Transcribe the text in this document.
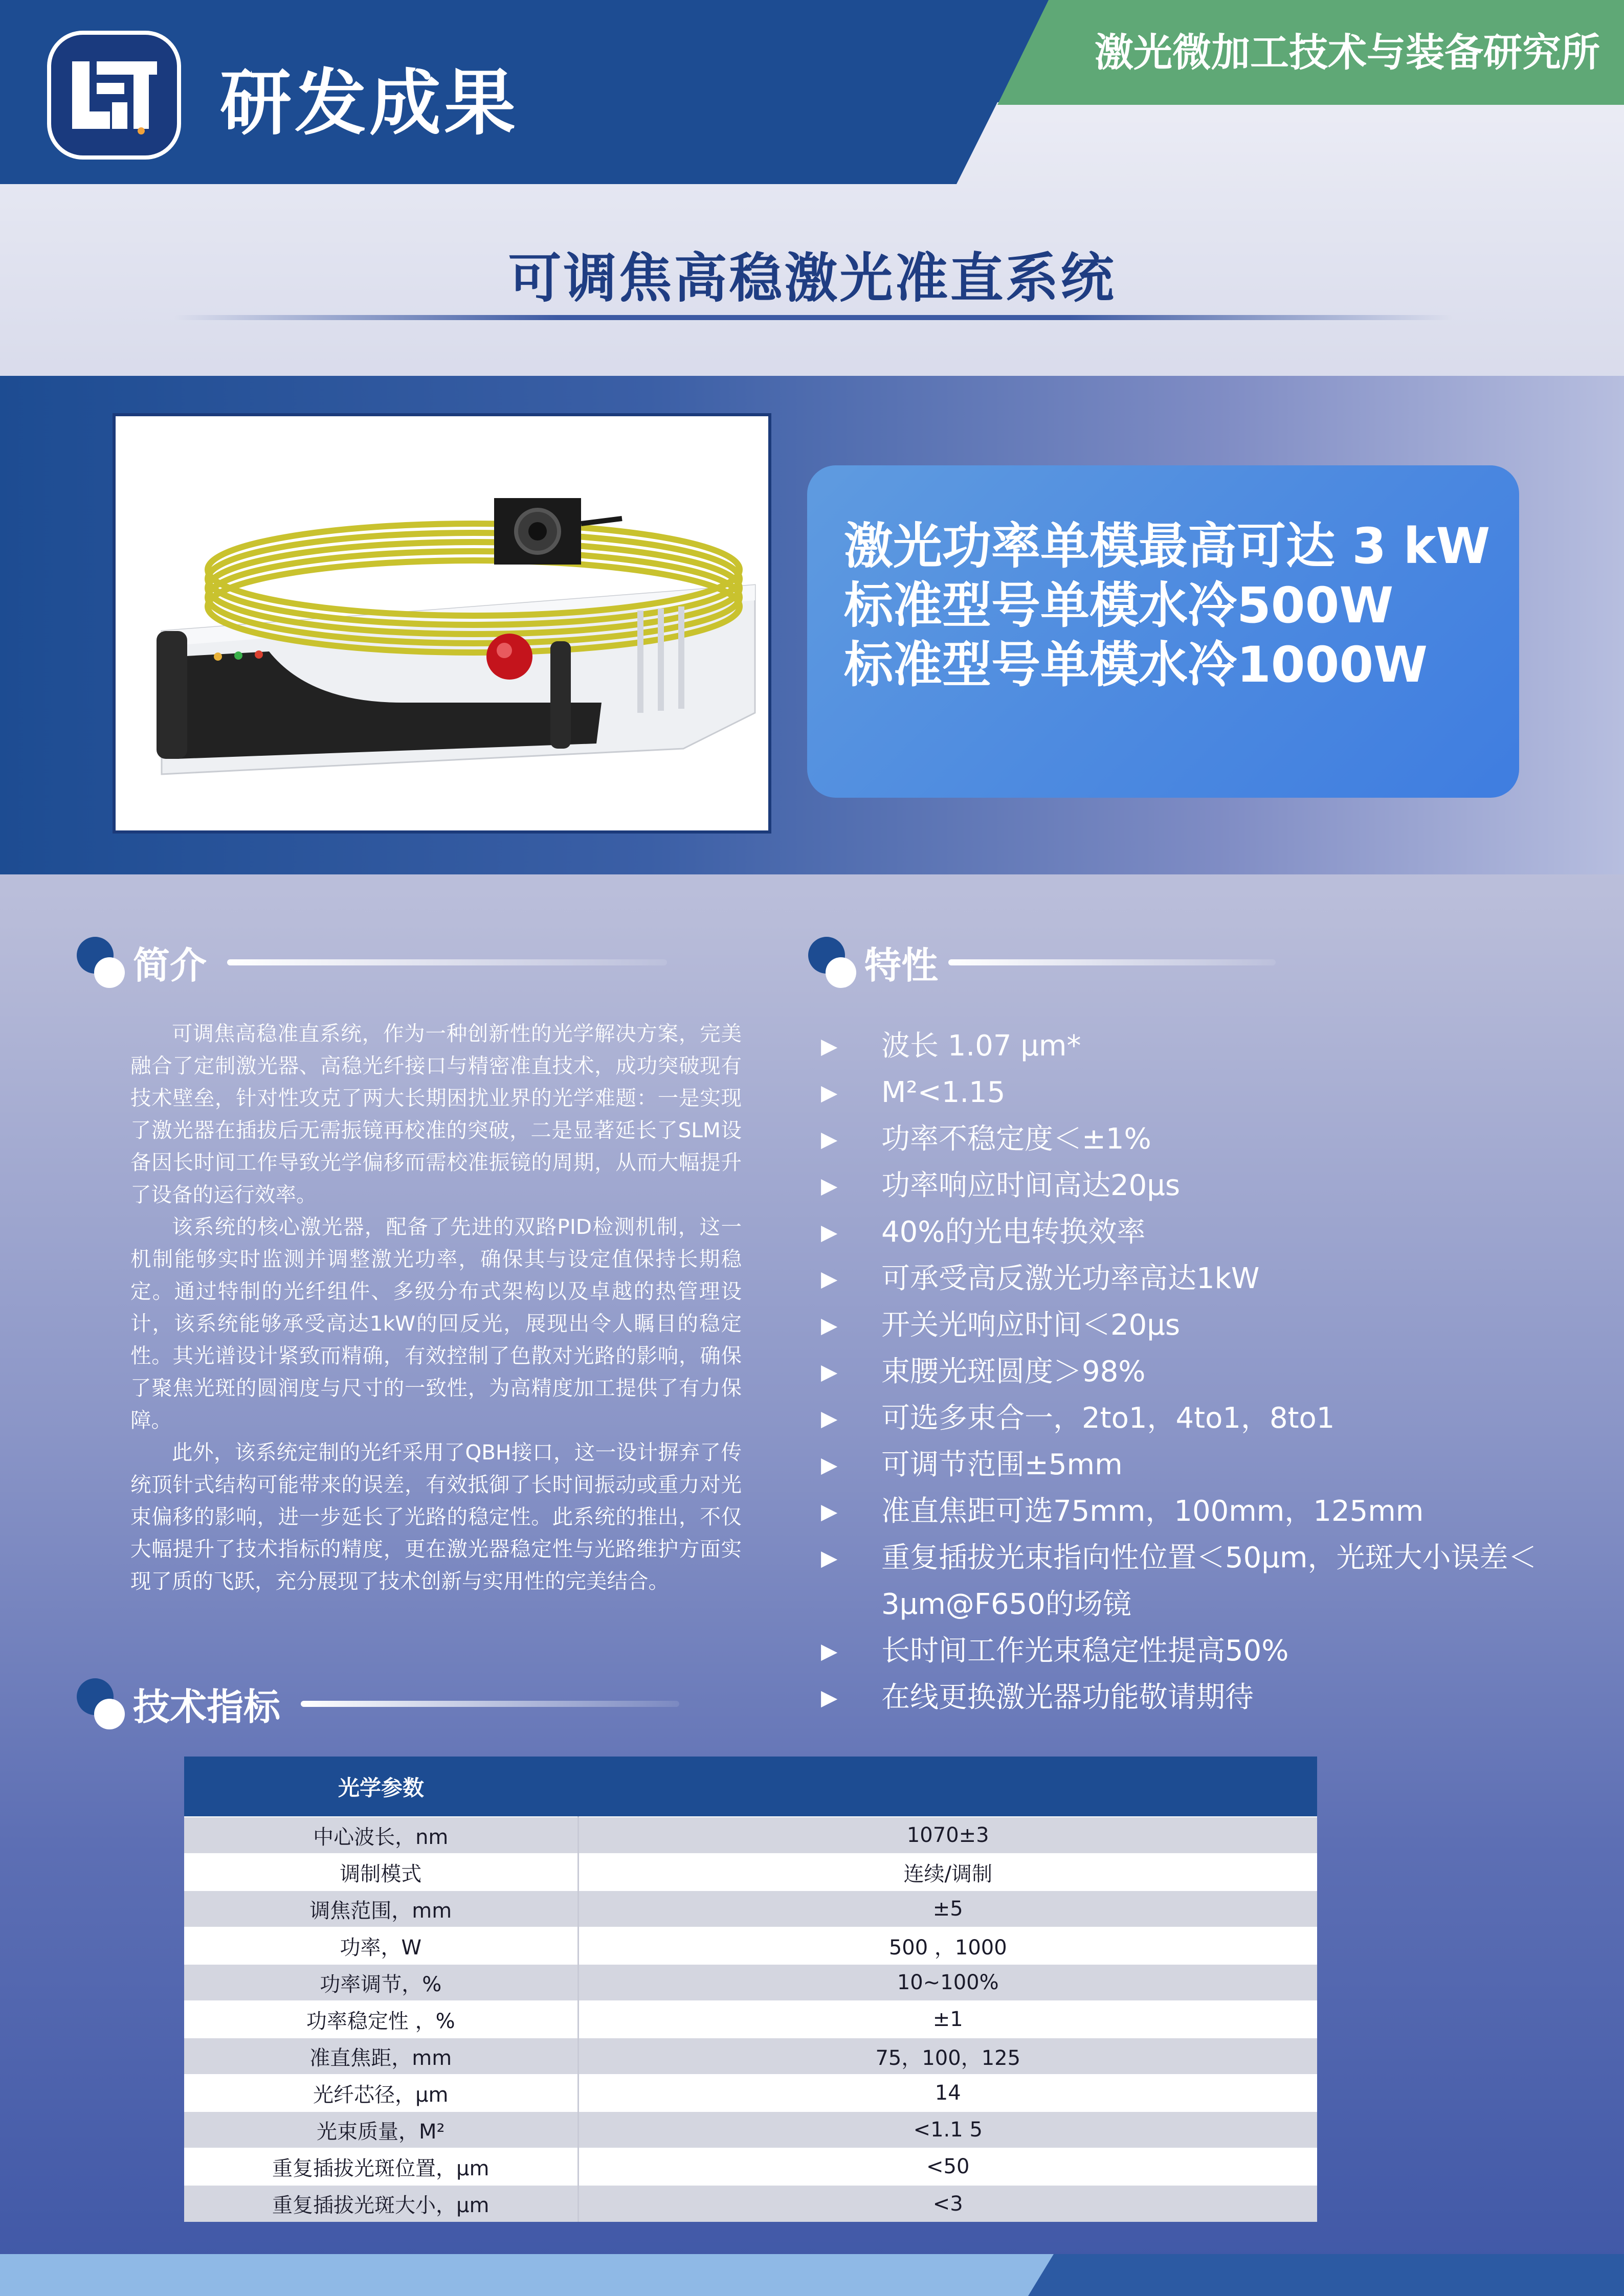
研发成果
激光微加工技术与装备研究所
可调焦高稳激光准直系统
激光功率单模最高可达 3 kW
标准型号单模水冷500W
标准型号单模水冷1000W
简介

可调焦高稳准直系统，作为一种创新性的光学解决方案，完美融合了定制激光器、高稳光纤接口与精密准直技术，成功突破现有技术壁垒，针对性攻克了两大长期困扰业界的光学难题：一是实现了激光器在插拔后无需振镜再校准的突破，二是显著延长了SLM设备因长时间工作导致光学偏移而需校准振镜的周期，从而大幅提升了设备的运行效率。

该系统的核心激光器，配备了先进的双路PID检测机制，这一机制能够实时监测并调整激光功率，确保其与设定值保持长期稳定。通过特制的光纤组件、多级分布式架构以及卓越的热管理设计，该系统能够承受高达1kW的回反光，展现出令人瞩目的稳定性。其光谱设计紧致而精确，有效控制了色散对光路的影响，确保了聚焦光斑的圆润度与尺寸的一致性，为高精度加工提供了有力保障。

此外，该系统定制的光纤采用了QBH接口，这一设计摒弃了传统顶针式结构可能带来的误差，有效抵御了长时间振动或重力对光束偏移的影响，进一步延长了光路的稳定性。此系统的推出，不仅大幅提升了技术指标的精度，更在激光器稳定性与光路维护方面实现了质的飞跃，充分展现了技术创新与实用性的完美结合。

特性
▶	波长 1.07 μm*
▶	M²<1.15
▶	功率不稳定度＜±1%
▶	功率响应时间高达20μs
▶	40%的光电转换效率
▶	可承受高反激光功率高达1kW
▶	开关光响应时间＜20μs
▶	束腰光斑圆度＞98%
▶	可选多束合一，2to1，4to1，8to1
▶	可调节范围±5mm
▶	准直焦距可选75mm，100mm，125mm
▶	重复插拔光束指向性位置＜50μm，光斑大小误差＜3μm@F650的场镜
▶	长时间工作光束稳定性提高50%
▶	在线更换激光器功能敬请期待
技术指标
光学参数	
中心波长，nm	1070±3
调制模式	连续/调制
调焦范围，mm	±5
功率，W	500 ，1000
功率调节，%	10~100%
功率稳定性 ，%	±1
准直焦距，mm	75，100，125
光纤芯径，μm	14
光束质量，M²	<1.1 5
重复插拔光斑位置，μm	<50
重复插拔光斑大小，μm	<3
